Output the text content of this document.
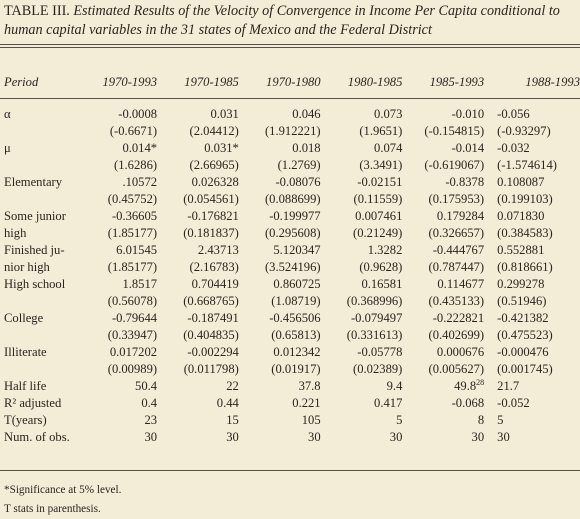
TABLE III. Estimated Results of the Velocity of Convergence in Income Per Capita conditional to human capital variables in the 31 states of Mexico and the Federal District
Period	1970-1993	1970-1985	1970-1980	1980-1985	1985-1993	1988-1993

α	-0.0008	0.031	0.046	0.073	-0.010	-0.056
	(-0.6671)	(2.04412)	(1.912221)	(1.9651)	(-0.154815)	(-0.93297)
μ	0.014*	0.031*	0.018	0.074	-0.014	-0.032
	(1.6286)	(2.66965)	(1.2769)	(3.3491)	(-0.619067)	(-1.574614)
Elementary	.10572	0.026328	-0.08076	-0.02151	-0.8378	0.108087
	(0.45752)	(0.054561)	(0.088699)	(0.11559)	(0.175953)	(0.199103)
Some junior	-0.36605	-0.176821	-0.199977	0.007461	0.179284	0.071830
high	(1.85177)	(0.181837)	(0.295608)	(0.21249)	(0.326657)	(0.384583)
Finished ju-	6.01545	2.43713	5.120347	1.3282	-0.444767	0.552881
nior high	(1.85177)	(2.16783)	(3.524196)	(0.9628)	(0.787447)	(0.818661)
High school	1.8517	0.704419	0.860725	0.16581	0.114677	0.299278
	(0.56078)	(0.668765)	(1.08719)	(0.368996)	(0.435133)	(0.51946)
College	-0.79644	-0.187491	-0.456506	-0.079497	-0.222821	-0.421382
	(0.33947)	(0.404835)	(0.65813)	(0.331613)	(0.402699)	(0.475523)
Illiterate	0.017202	-0.002294	0.012342	-0.05778	0.000676	-0.000476
	(0.00989)	(0.011798)	(0.01917)	(0.02389)	(0.005627)	(0.001745)
Half life	50.4	22	37.8	9.4	49.8$^{28}$	21.7
R² adjusted	0.4	0.44	0.221	0.417	-0.068	-0.052
T(years)	23	15	105	5	8	5
Num. of obs.	30	30	30	30	30	30
*Significance at 5% level.
T stats in parenthesis.
